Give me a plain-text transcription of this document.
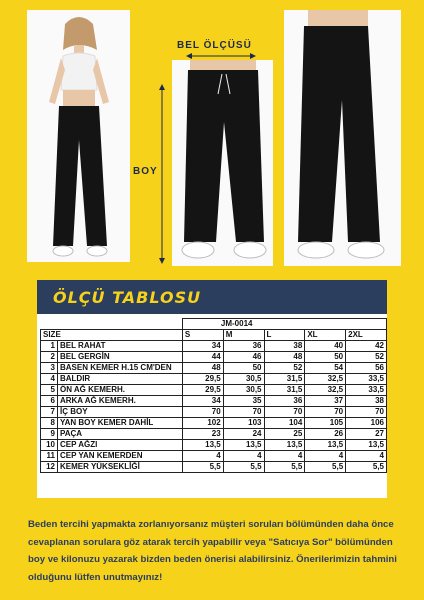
BEL ÖLÇÜSÜ
BOY
ÖLÇÜ TABLOSU
		JM-0014				
SIZE		S	M	L	XL	2XL
1	BEL RAHAT	34	36	38	40	42
2	BEL GERGİN	44	46	48	50	52
3	BASEN KEMER H.15 CM'DEN	48	50	52	54	56
4	BALDIR	29,5	30,5	31,5	32,5	33,5
5	ÖN AĞ KEMERH.	29,5	30,5	31,5	32,5	33,5
6	ARKA AĞ KEMERH.	34	35	36	37	38
7	İÇ BOY	70	70	70	70	70
8	YAN BOY KEMER DAHİL	102	103	104	105	106
9	PAÇA	23	24	25	26	27
10	CEP AĞZI	13,5	13,5	13,5	13,5	13,5
11	CEP YAN KEMERDEN	4	4	4	4	4
12	KEMER YÜKSEKLİĞİ	5,5	5,5	5,5	5,5	5,5
Beden tercihi yapmakta zorlanıyorsanız müşteri soruları bölümünden daha önce cevaplanan sorulara göz atarak tercih yapabilir veya "Satıcıya Sor" bölümünden boy ve kilonuzu yazarak bizden beden önerisi alabilirsiniz. Önerilerimizin tahmini olduğunu lütfen unutmayınız!
